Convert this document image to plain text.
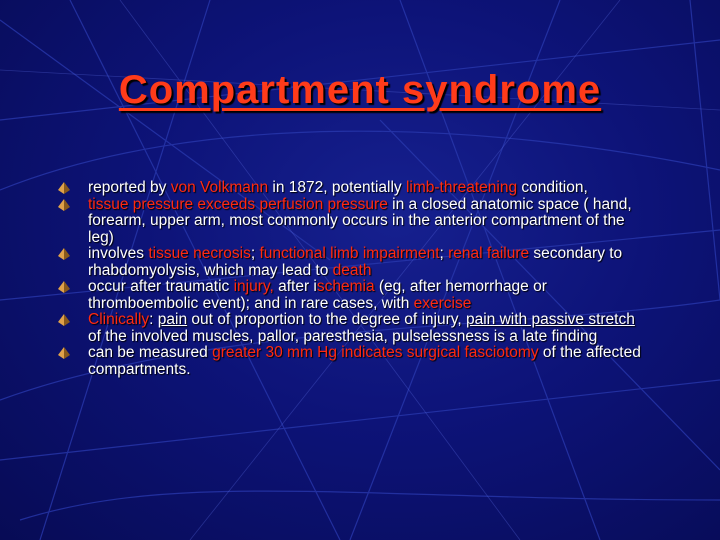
Compartment syndrome
reported by von Volkmann in 1872, potentially limb-threatening condition,
tissue pressure exceeds perfusion pressure in a closed anatomic space ( hand, forearm, upper arm, most commonly occurs in the anterior compartment of the leg)
involves tissue necrosis; functional limb impairment; renal failure secondary to rhabdomyolysis, which may lead to death
occur after traumatic injury, after ischemia (eg, after hemorrhage or thromboembolic event); and in rare cases, with exercise
Clinically: pain out of proportion to the degree of injury, pain with passive stretch of the involved muscles, pallor, paresthesia, pulselessness is a late finding
can be measured greater 30 mm Hg indicates surgical fasciotomy of the affected compartments.
